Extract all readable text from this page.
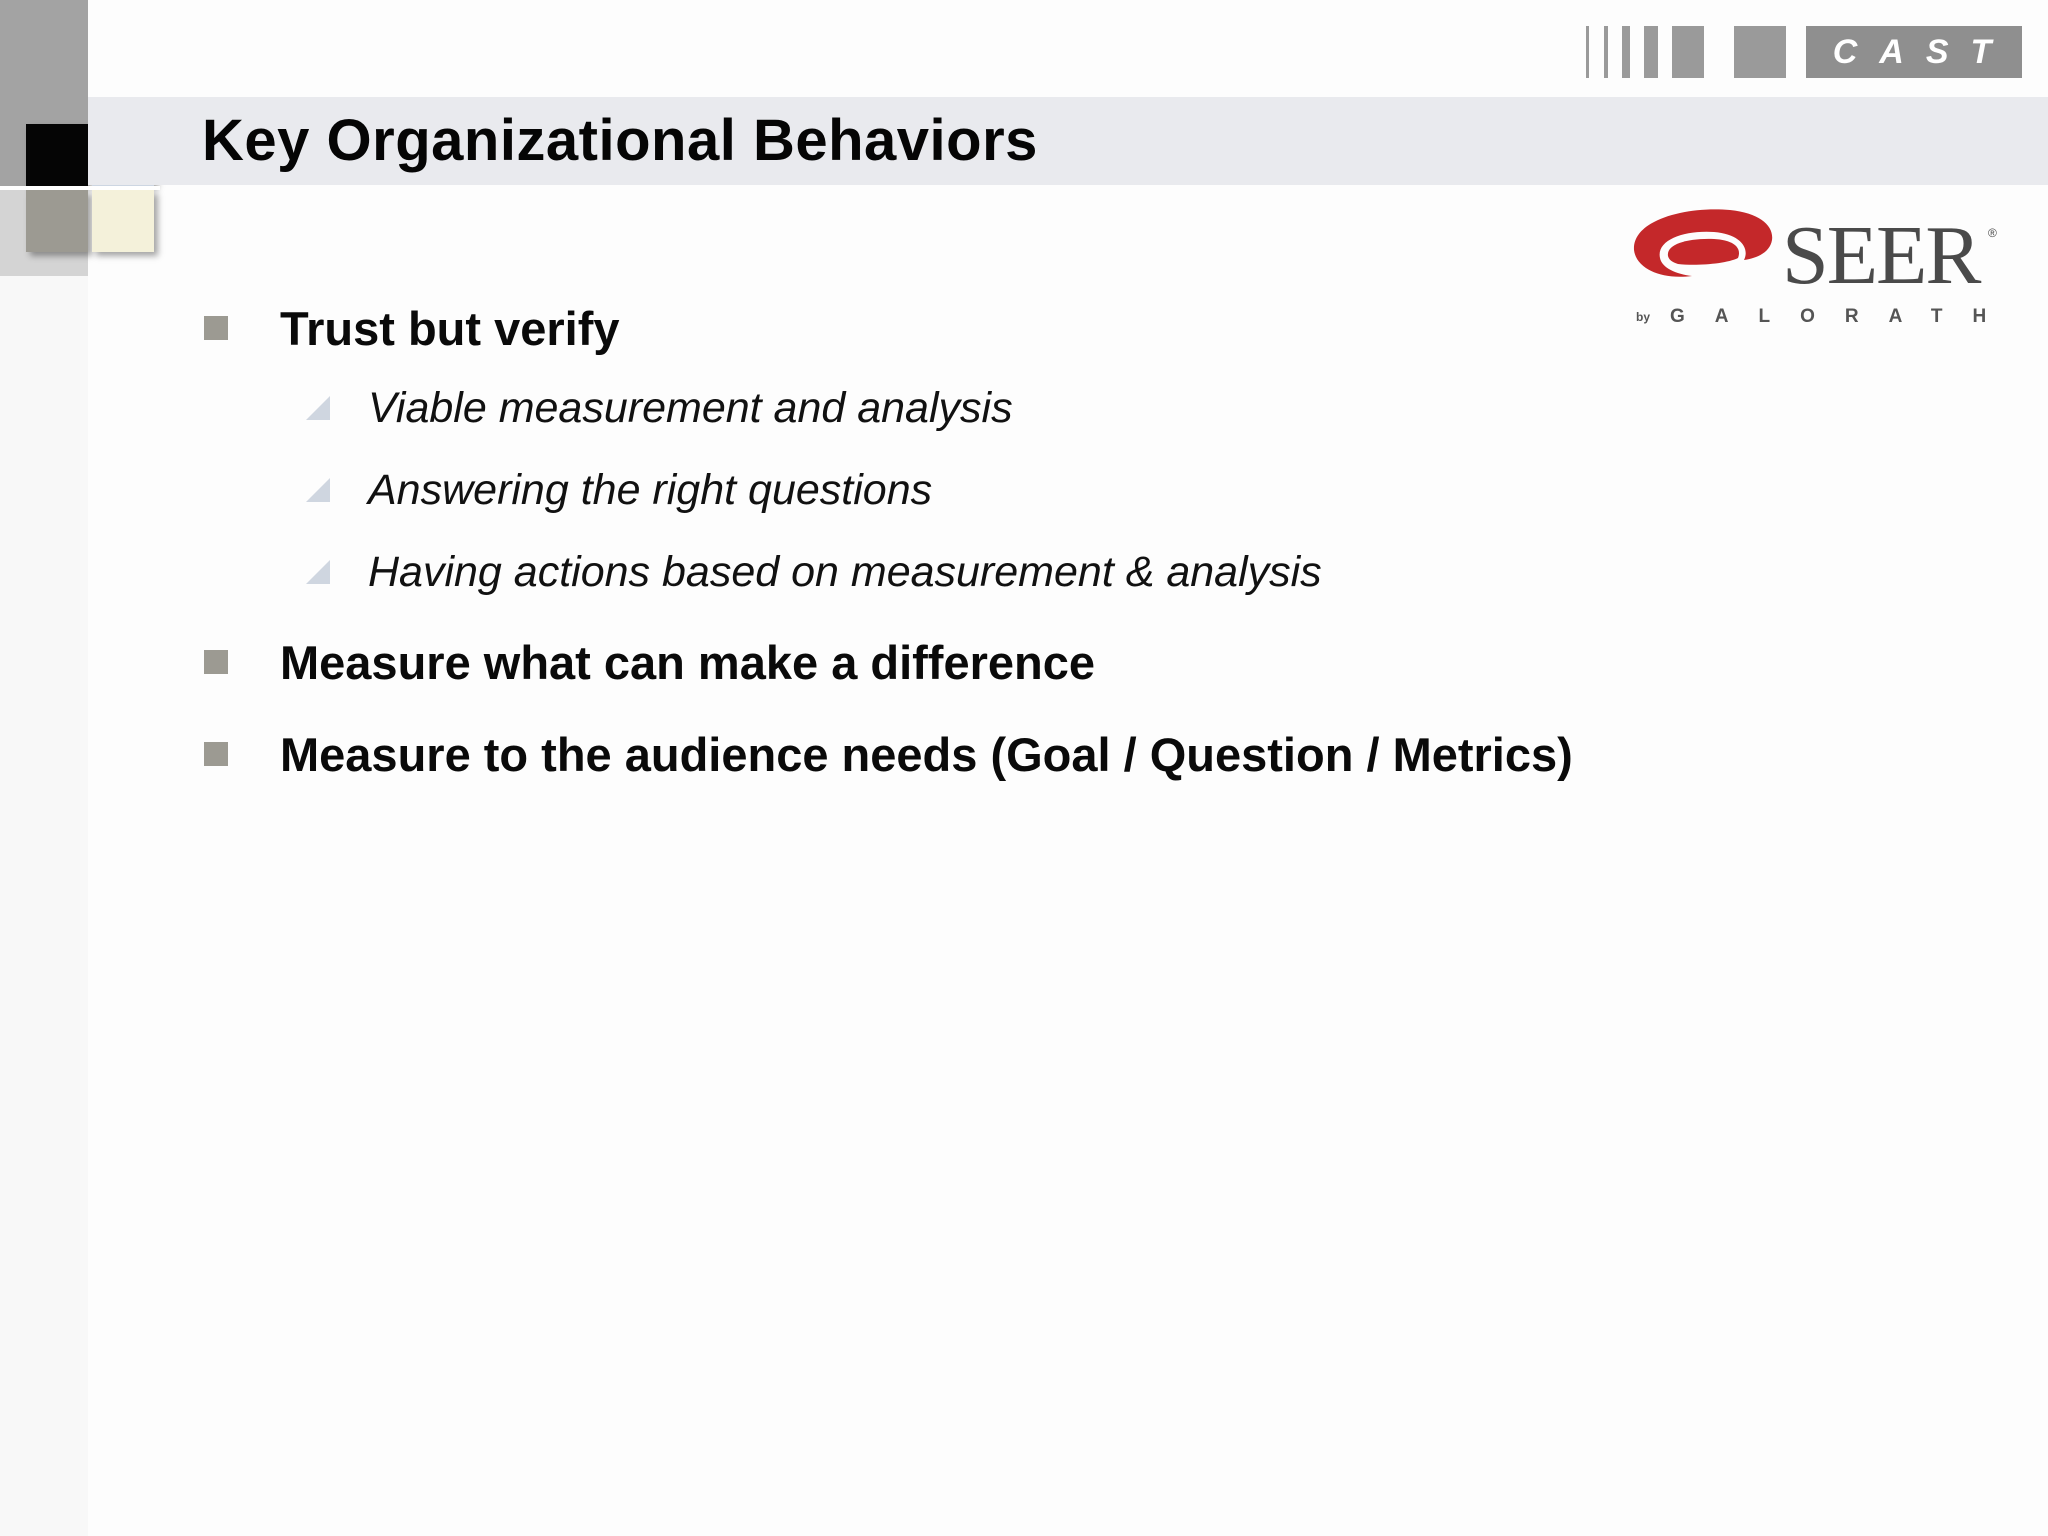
Key Organizational Behaviors
CAST
SEER ®
by GALORATH
Trust but verify
Viable measurement and analysis
Answering the right questions
Having actions based on measurement & analysis
Measure what can make a difference
Measure to the audience needs (Goal / Question / Metrics)
